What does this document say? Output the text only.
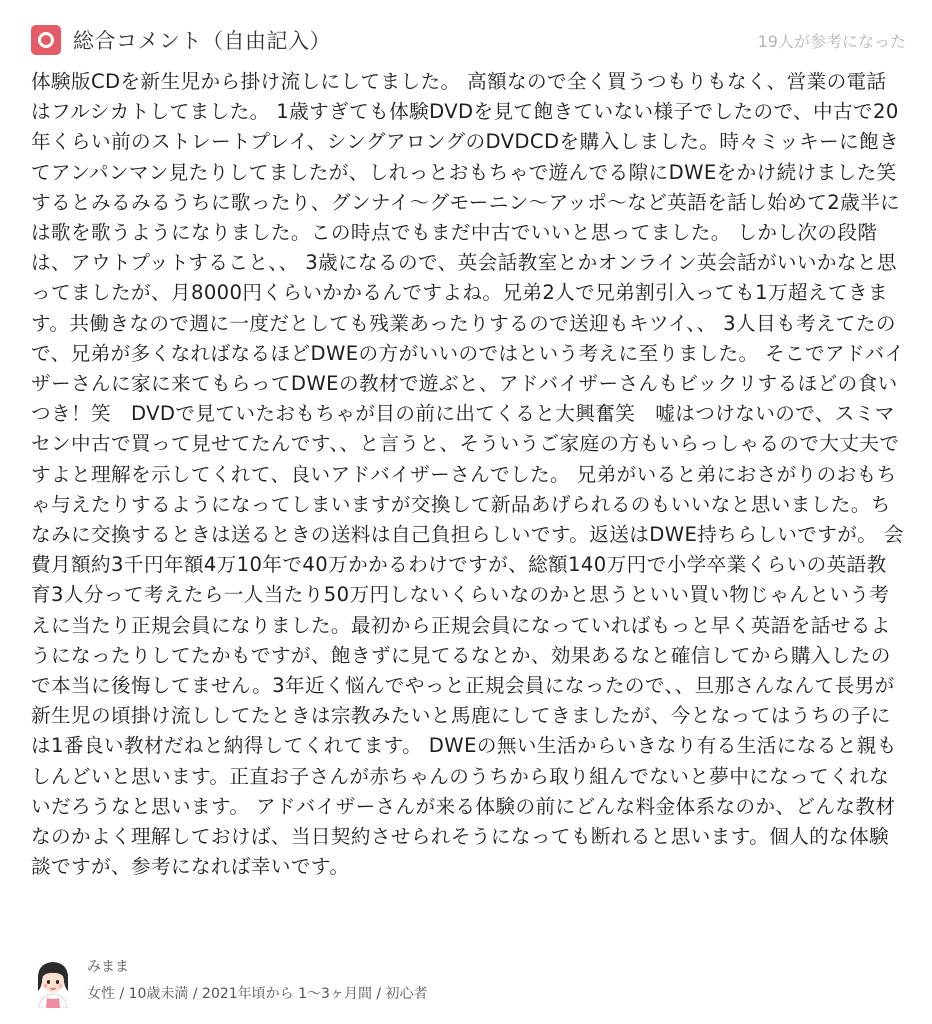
総合コメント（自由記入）	19人が参考になった

体験版CDを新生児から掛け流しにしてました。 高額なので全く買うつもりもなく、営業の電話はフルシカトしてました。 1歳すぎても体験DVDを見て飽きていない様子でしたので、中古で20年くらい前のストレートプレイ、シングアロングのDVDCDを購入しました。時々ミッキーに飽きてアンパンマン見たりしてましたが、しれっとおもちゃで遊んでる隙にDWEをかけ続けました笑 するとみるみるうちに歌ったり、グンナイ〜グモーニン〜アッポ〜など英語を話し始めて2歳半には歌を歌うようになりました。この時点でもまだ中古でいいと思ってました。 しかし次の段階は、アウトプットすること、、 3歳になるので、英会話教室とかオンライン英会話がいいかなと思ってましたが、月8000円くらいかかるんですよね。兄弟2人で兄弟割引入っても1万超えてきます。共働きなので週に一度だとしても残業あったりするので送迎もキツイ、、 3人目も考えてたので、兄弟が多くなればなるほどDWEの方がいいのではという考えに至りました。 そこでアドバイザーさんに家に来てもらってDWEの教材で遊ぶと、アドバイザーさんもビックリするほどの食いつき！笑　DVDで見ていたおもちゃが目の前に出てくると大興奮笑　嘘はつけないので、スミマセン中古で買って見せてたんです、、と言うと、そういうご家庭の方もいらっしゃるので大丈夫ですよと理解を示してくれて、良いアドバイザーさんでした。 兄弟がいると弟におさがりのおもちゃ与えたりするようになってしまいますが交換して新品あげられるのもいいなと思いました。ちなみに交換するときは送るときの送料は自己負担らしいです。返送はDWE持ちらしいですが。 会費月額約3千円年額4万10年で40万かかるわけですが、総額140万円で小学卒業くらいの英語教育3人分って考えたら一人当たり50万円しないくらいなのかと思うといい買い物じゃんという考えに当たり正規会員になりました。最初から正規会員になっていればもっと早く英語を話せるようになったりしてたかもですが、飽きずに見てるなとか、効果あるなと確信してから購入したので本当に後悔してません。3年近く悩んでやっと正規会員になったので、、旦那さんなんて長男が新生児の頃掛け流ししてたときは宗教みたいと馬鹿にしてきましたが、今となってはうちの子には1番良い教材だねと納得してくれてます。 DWEの無い生活からいきなり有る生活になると親もしんどいと思います。正直お子さんが赤ちゃんのうちから取り組んでないと夢中になってくれないだろうなと思います。 アドバイザーさんが来る体験の前にどんな料金体系なのか、どんな教材なのかよく理解しておけば、当日契約させられそうになっても断れると思います。個人的な体験談ですが、参考になれば幸いです。

みまま
女性 / 10歳未満 / 2021年頃から 1〜3ヶ月間 / 初心者
